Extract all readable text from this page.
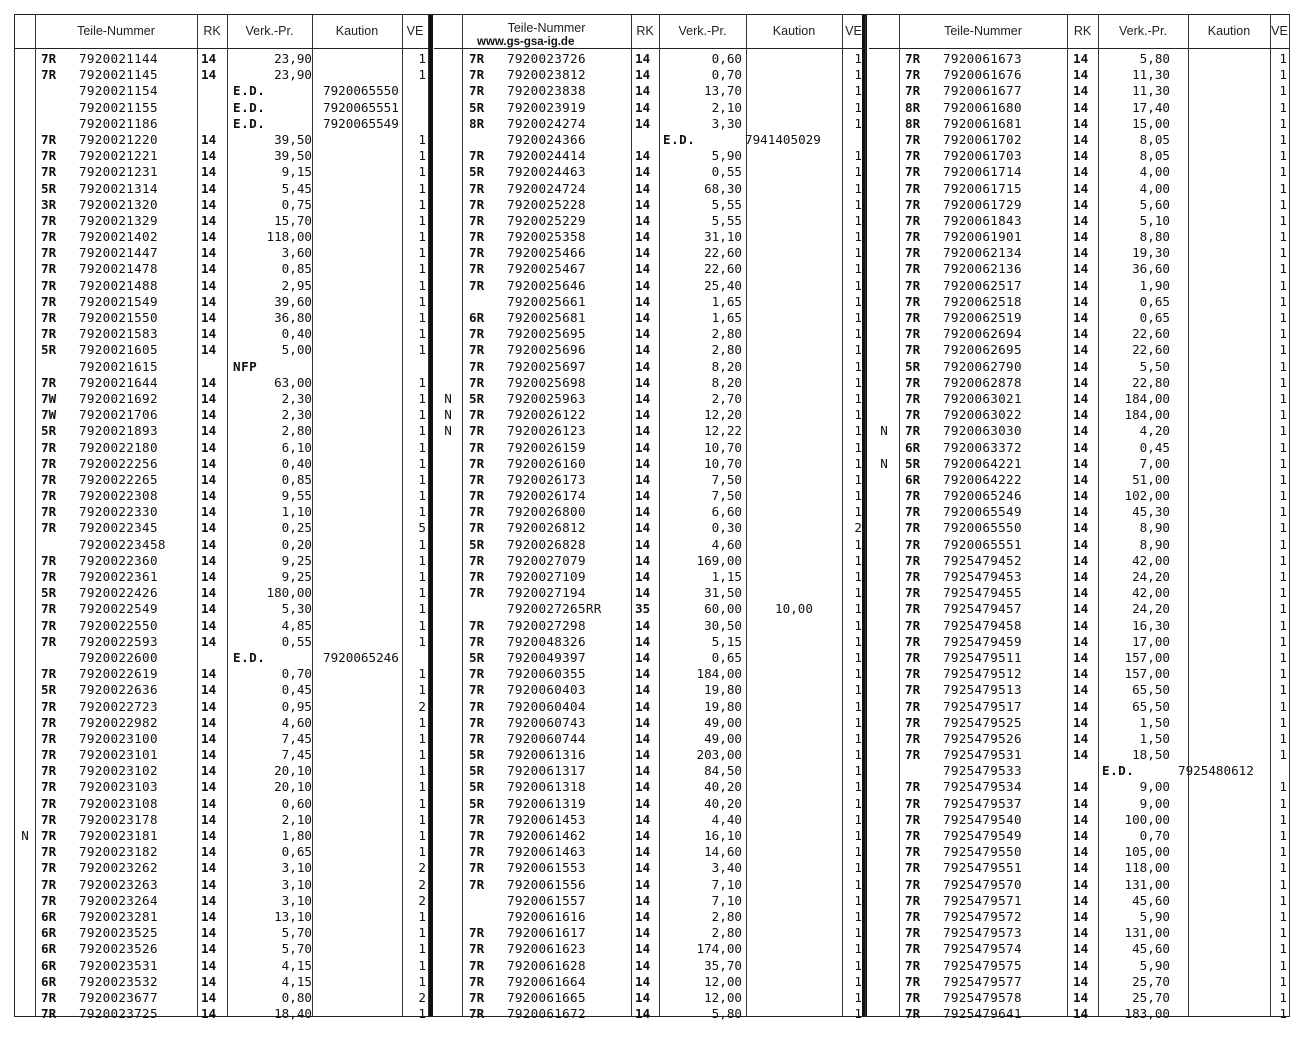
Teile-Nummer	RK	Verk.-Pr.	Kaution	VE
7R 7920021144	14	23,90	1
7R 7920021145	14	23,90	1
7920021154	E.D.	7920065550
7920021155	E.D.	7920065551
7920021186	E.D.	7920065549
7R 7920021220	14	39,50	1
7R 7920021221	14	39,50	1
7R 7920021231	14	9,15	1
5R 7920021314	14	5,45	1
3R 7920021320	14	0,75	1
7R 7920021329	14	15,70	1
7R 7920021402	14	118,00	1
7R 7920021447	14	3,60	1
7R 7920021478	14	0,85	1
7R 7920021488	14	2,95	1
7R 7920021549	14	39,60	1
7R 7920021550	14	36,80	1
7R 7920021583	14	0,40	1
5R 7920021605	14	5,00	1
7920021615	NFP
7R 7920021644	14	63,00	1
7W 7920021692	14	2,30	1
7W 7920021706	14	2,30	1
5R 7920021893	14	2,80	1
7R 7920022180	14	6,10	1
7R 7920022256	14	0,40	1
7R 7920022265	14	0,85	1
7R 7920022308	14	9,55	1
7R 7920022330	14	1,10	1
7R 7920022345	14	0,25	5
79200223458	14	0,20	1
7R 7920022360	14	9,25	1
7R 7920022361	14	9,25	1
5R 7920022426	14	180,00	1
7R 7920022549	14	5,30	1
7R 7920022550	14	4,85	1
7R 7920022593	14	0,55	1
7920022600	E.D.	7920065246
7R 7920022619	14	0,70	1
5R 7920022636	14	0,45	1
7R 7920022723	14	0,95	2
7R 7920022982	14	4,60	1
7R 7920023100	14	7,45	1
7R 7920023101	14	7,45	1
7R 7920023102	14	20,10	1
7R 7920023103	14	20,10	1
7R 7920023108	14	0,60	1
7R 7920023178	14	2,10	1
N 7R 7920023181	14	1,80	1
7R 7920023182	14	0,65	1
7R 7920023262	14	3,10	2
7R 7920023263	14	3,10	2
7R 7920023264	14	3,10	2
6R 7920023281	14	13,10	1
6R 7920023525	14	5,70	1
6R 7920023526	14	5,70	1
6R 7920023531	14	4,15	1
6R 7920023532	14	4,15	1
7R 7920023677	14	0,80	2
7R 7920023725	14	18,40	1
Teile-Nummer	RK	Verk.-Pr.	Kaution	VE
7R 7920023726	14	0,60	1
7R 7920023812	14	0,70	1
7R 7920023838	14	13,70	1
5R 7920023919	14	2,10	1
8R 7920024274	14	3,30	1
7920024366	E.D.	7941405029
7R 7920024414	14	5,90	1
5R 7920024463	14	0,55	1
7R 7920024724	14	68,30	1
7R 7920025228	14	5,55	1
7R 7920025229	14	5,55	1
7R 7920025358	14	31,10	1
7R 7920025466	14	22,60	1
7R 7920025467	14	22,60	1
7R 7920025646	14	25,40	1
7920025661	14	1,65	1
6R 7920025681	14	1,65	1
7R 7920025695	14	2,80	1
7R 7920025696	14	2,80	1
7R 7920025697	14	8,20	1
7R 7920025698	14	8,20	1
N	5R 7920025963	14	2,70	1
N	7R 7920026122	14	12,20	1
N	7R 7920026123	14	12,22	1
7R 7920026159	14	10,70	1
7R 7920026160	14	10,70	1
7R 7920026173	14	7,50	1
7R 7920026174	14	7,50	1
7R 7920026800	14	6,60	1
7R 7920026812	14	0,30	2
5R 7920026828	14	4,60	1
7R 7920027079	14	169,00	1
7R 7920027109	14	1,15	1
7R 7920027194	14	31,50	1
7920027265RR	35	60,00	10,00	1
7R 7920027298	14	30,50	1
7R 7920048326	14	5,15	1
5R 7920049397	14	0,65	1
7R 7920060355	14	184,00	1
7R 7920060403	14	19,80	1
7R 7920060404	14	19,80	1
7R 7920060743	14	49,00	1
7R 7920060744	14	49,00	1
5R 7920061316	14	203,00	1
5R 7920061317	14	84,50	1
5R 7920061318	14	40,20	1
5R 7920061319	14	40,20	1
7R 7920061453	14	4,40	1
7R 7920061462	14	16,10	1
7R 7920061463	14	14,60	1
7R 7920061553	14	3,40	1
7R 7920061556	14	7,10	1
7920061557	14	7,10	1
7920061616	14	2,80	1
7R 7920061617	14	2,80	1
7R 7920061623	14	174,00	1
7R 7920061628	14	35,70	1
7R 7920061664	14	12,00	1
7R 7920061665	14	12,00	1
7R 7920061672	14	5,80	1
Teile-Nummer	RK	Verk.-Pr.	Kaution	VE
7R 7920061673	14	5,80	1
7R 7920061676	14	11,30	1
7R 7920061677	14	11,30	1
8R 7920061680	14	17,40	1
8R 7920061681	14	15,00	1
7R 7920061702	14	8,05	1
7R 7920061703	14	8,05	1
7R 7920061714	14	4,00	1
7R 7920061715	14	4,00	1
7R 7920061729	14	5,60	1
7R 7920061843	14	5,10	1
7R 7920061901	14	8,80	1
7R 7920062134	14	19,30	1
7R 7920062136	14	36,60	1
7R 7920062517	14	1,90	1
7R 7920062518	14	0,65	1
7R 7920062519	14	0,65	1
7R 7920062694	14	22,60	1
7R 7920062695	14	22,60	1
5R 7920062790	14	5,50	1
7R 7920062878	14	22,80	1
7R 7920063021	14	184,00	1
7R 7920063022	14	184,00	1
N	7R 7920063030	14	4,20	1
6R 7920063372	14	0,45	1
N	5R 7920064221	14	7,00	1
6R 7920064222	14	51,00	1
7R 7920065246	14	102,00	1
7R 7920065549	14	45,30	1
7R 7920065550	14	8,90	1
7R 7920065551	14	8,90	1
7R 7925479452	14	42,00	1
7R 7925479453	14	24,20	1
7R 7925479455	14	42,00	1
7R 7925479457	14	24,20	1
7R 7925479458	14	16,30	1
7R 7925479459	14	17,00	1
7R 7925479511	14	157,00	1
7R 7925479512	14	157,00	1
7R 7925479513	14	65,50	1
7R 7925479517	14	65,50	1
7R 7925479525	14	1,50	1
7R 7925479526	14	1,50	1
7R 7925479531	14	18,50	1
7925479533	E.D.	7925480612
7R 7925479534	14	9,00	1
7R 7925479537	14	9,00	1
7R 7925479540	14	100,00	1
7R 7925479549	14	0,70	1
7R 7925479550	14	105,00	1
7R 7925479551	14	118,00	1
7R 7925479570	14	131,00	1
7R 7925479571	14	45,60	1
7R 7925479572	14	5,90	1
7R 7925479573	14	131,00	1
7R 7925479574	14	45,60	1
7R 7925479575	14	5,90	1
7R 7925479577	14	25,70	1
7R 7925479578	14	25,70	1
7R 7925479641	14	183,00	1
www.gs-gsa-ig.de
